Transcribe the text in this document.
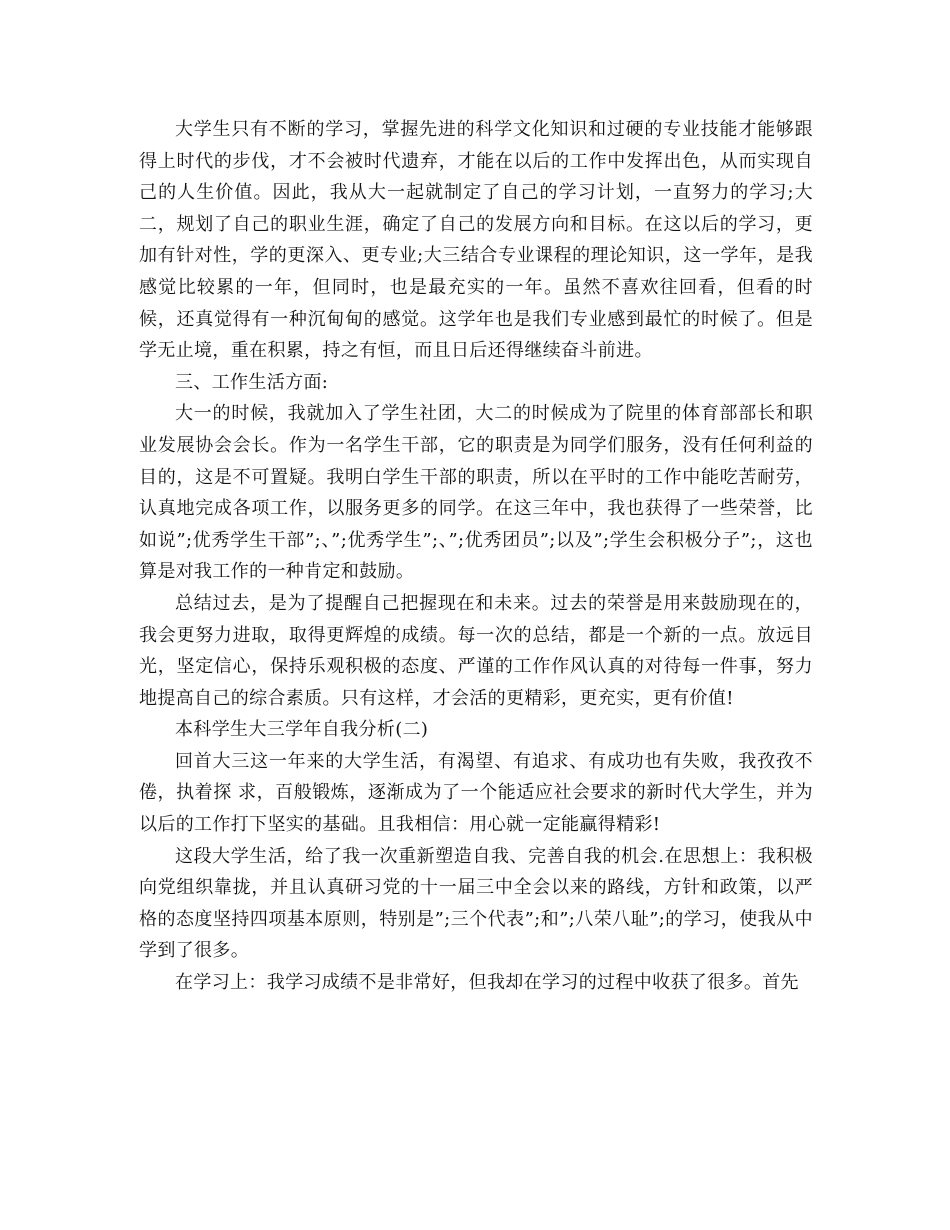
大学生只有不断的学习，掌握先进的科学文化知识和过硬的专业技能才能够跟得上时代的步伐，才不会被时代遗弃，才能在以后的工作中发挥出色，从而实现自己的人生价值。因此，我从大一起就制定了自己的学习计划，一直努力的学习;大二，规划了自己的职业生涯，确定了自己的发展方向和目标。在这以后的学习，更加有针对性，学的更深入、更专业;大三结合专业课程的理论知识，这一学年，是我感觉比较累的一年，但同时，也是最充实的一年。虽然不喜欢往回看，但看的时候，还真觉得有一种沉甸甸的感觉。这学年也是我们专业感到最忙的时候了。但是学无止境，重在积累，持之有恒，而且日后还得继续奋斗前进。

三、工作生活方面:

大一的时候，我就加入了学生社团，大二的时候成为了院里的体育部部长和职业发展协会会长。作为一名学生干部，它的职责是为同学们服务，没有任何利益的目的，这是不可置疑。我明白学生干部的职责，所以在平时的工作中能吃苦耐劳，认真地完成各项工作，以服务更多的同学。在这三年中，我也获得了一些荣誉，比如说”;优秀学生干部”;、”;优秀学生”;、”;优秀团员”;以及”;学生会积极分子”;，这也算是对我工作的一种肯定和鼓励。

总结过去，是为了提醒自己把握现在和未来。过去的荣誉是用来鼓励现在的，我会更努力进取，取得更辉煌的成绩。每一次的总结，都是一个新的一点。放远目光，坚定信心，保持乐观积极的态度、严谨的工作作风认真的对待每一件事，努力地提高自己的综合素质。只有这样，才会活的更精彩，更充实，更有价值!

本科学生大三学年自我分析(二)

回首大三这一年来的大学生活，有渴望、有追求、有成功也有失败，我孜孜不倦，执着探 求，百般锻炼，逐渐成为了一个能适应社会要求的新时代大学生，并为以后的工作打下坚实的基础。且我相信：用心就一定能赢得精彩!

这段大学生活，给了我一次重新塑造自我、完善自我的机会.在思想上：我积极向党组织靠拢，并且认真研习党的十一届三中全会以来的路线，方针和政策，以严格的态度坚持四项基本原则，特别是”;三个代表”;和”;八荣八耻”;的学习，使我从中学到了很多。

在学习上：我学习成绩不是非常好，但我却在学习的过程中收获了很多。首先
